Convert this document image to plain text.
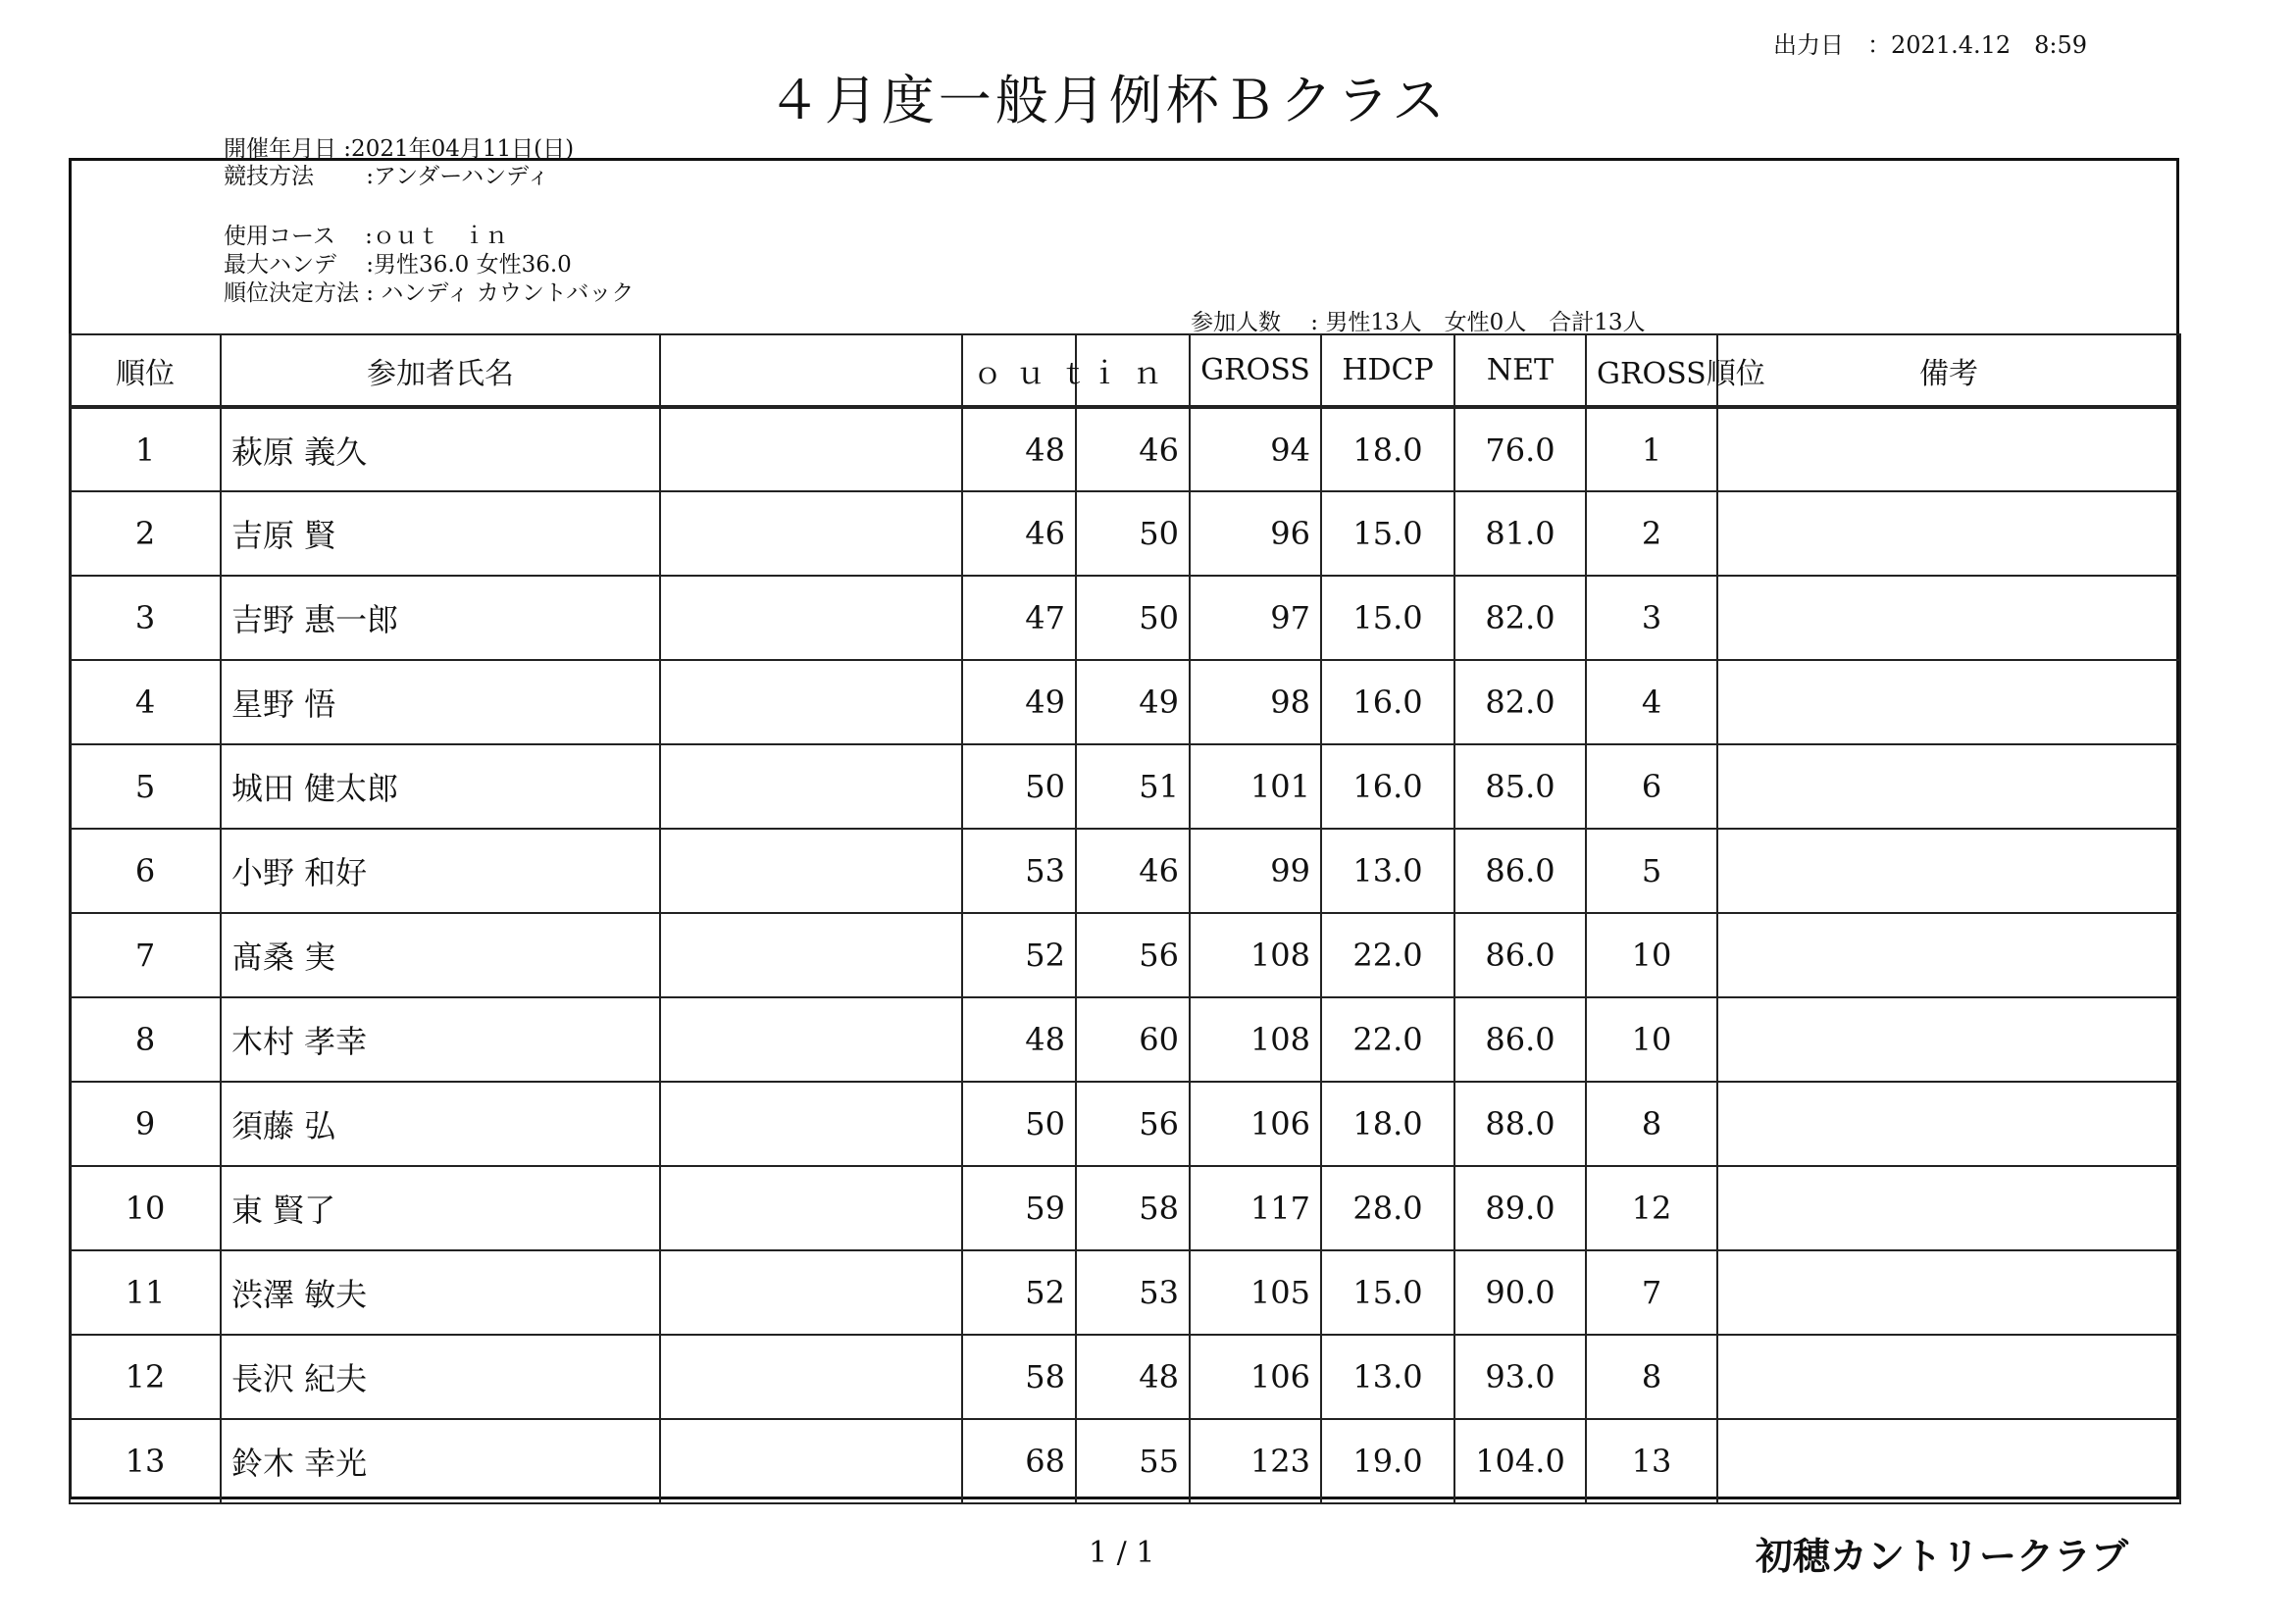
出力日　：2021.4.12　8:59
４月度一般月例杯Ｂクラス
開催年月日 :2021年04月11日(日)
競技方法　　 :アンダーハンディ
使用コース　 :ｏｕｔ　ｉｎ
最大ハンデ　 :男性36.0 女性36.0
順位決定方法 : ハンディ カウントバック
参加人数　 : 男性13人　女性0人　合計13人
順位	参加者氏名		ｏｕｔ	ｉｎ	GROSS	HDCP	NET	GROSS順位	備考
1	萩原 義久		48	46	94	18.0	76.0	1	
2	吉原 賢		46	50	96	15.0	81.0	2	
3	吉野 惠一郎		47	50	97	15.0	82.0	3	
4	星野 悟		49	49	98	16.0	82.0	4	
5	城田 健太郎		50	51	101	16.0	85.0	6	
6	小野 和好		53	46	99	13.0	86.0	5	
7	髙桑 実		52	56	108	22.0	86.0	10	
8	木村 孝幸		48	60	108	22.0	86.0	10	
9	須藤 弘		50	56	106	18.0	88.0	8	
10	東 賢了		59	58	117	28.0	89.0	12	
11	渋澤 敏夫		52	53	105	15.0	90.0	7	
12	長沢 紀夫		58	48	106	13.0	93.0	8	
13	鈴木 幸光		68	55	123	19.0	104.0	13	
1 / 1	初穂カントリークラブ
